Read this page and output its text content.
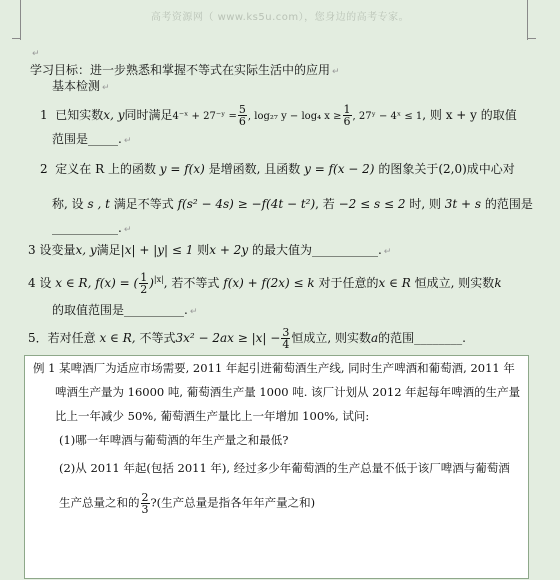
高考资源网（ www.ks5u.com），您身边的高考专家。
↵
学习目标：进一步熟悉和掌握不等式在实际生活中的应用 ↵
基本检测 ↵
1 已知实数x, y同时满足4⁻ˣ + 27⁻ʸ = $\frac{5}{6}$ , log₂₇ y − log₄ $x \ge \frac{1}{6}$ , 27ʸ − 4ˣ ≤ 1, 则 x + y 的取值
范围是_____. ↵
2 定义在 R 上的函数 y = f(x) 是增函数, 且函数 y = f(x − 2) 的图象关于(2,0)成中心对
称, 设 s , t 满足不等式 f(s² − 4s) ≥ −f(4t − t²), 若 −2 ≤ s ≤ 2 时, 则 3t + s 的范围是
___________. ↵
3 设变量x, y满足|x| + |y| ≤ 1 则x + 2y 的最大值为___________. ↵
4 设 x ∈ R, f(x) = ( $\frac{1}{2} )^{|x|}$, 若不等式 f(x) + f(2x) ≤ k 对于任意的x ∈ R 恒成立, 则实数k
的取值范围是__________. ↵
5．若对任意 x ∈ R, 不等式$3x^2 - 2ax \ge |x| - \frac{3}{4}$ 恒成立, 则实数a的范围________.
例 1 某啤酒厂为适应市场需要, 2011 年起引进葡萄酒生产线, 同时生产啤酒和葡萄酒, 2011 年
啤酒生产量为 16000 吨, 葡萄酒生产量 1000 吨. 该厂计划从 2012 年起每年啤酒的生产量
比上一年减少 50%, 葡萄酒生产量比上一年增加 100%, 试问:
(1)哪一年啤酒与葡萄酒的年生产量之和最低?
(2)从 2011 年起(包括 2011 年), 经过多少年葡萄酒的生产总量不低于该厂啤酒与葡萄酒
生产总量之和的 $\frac{2}{3}$ ?(生产总量是指各年年产量之和)
